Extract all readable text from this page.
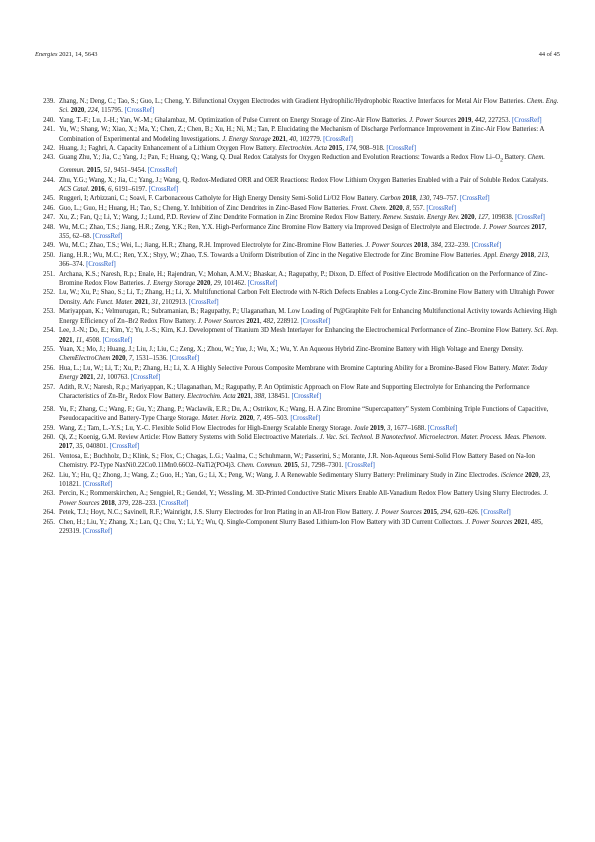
Energies 2021, 14, 5643	44 of 45
239. Zhang, N.; Deng, C.; Tao, S.; Guo, L.; Cheng, Y. Bifunctional Oxygen Electrodes with Gradient Hydrophilic/Hydrophobic Reactive Interfaces for Metal Air Flow Batteries. Chem. Eng. Sci. 2020, 224, 115795. [CrossRef]
240. Yang, T.-F.; Lu, J.-H.; Yan, W.-M.; Ghalambaz, M. Optimization of Pulse Current on Energy Storage of Zinc-Air Flow Batteries. J. Power Sources 2019, 442, 227253. [CrossRef]
241. Yu, W.; Shang, W.; Xiao, X.; Ma, Y.; Chen, Z.; Chen, B.; Xu, H.; Ni, M.; Tan, P. Elucidating the Mechanism of Discharge Performance Improvement in Zinc-Air Flow Batteries: A Combination of Experimental and Modeling Investigations. J. Energy Storage 2021, 40, 102779. [CrossRef]
242. Huang, J.; Faghri, A. Capacity Enhancement of a Lithium Oxygen Flow Battery. Electrochim. Acta 2015, 174, 908–918. [CrossRef]
243. Guang Zhu, Y.; Jia, C.; Yang, J.; Pan, F.; Huang, Q.; Wang, Q. Dual Redox Catalysts for Oxygen Reduction and Evolution Reactions: Towards a Redox Flow $Li-O_2$ Battery. Chem. Commun. 2015, 51, 9451–9454. [CrossRef]
244. Zhu, Y.G.; Wang, X.; Jia, C.; Yang, J.; Wang, Q. Redox-Mediated ORR and OER Reactions: Redox Flow Lithium Oxygen Batteries Enabled with a Pair of Soluble Redox Catalysts. ACS Catal. 2016, 6, 6191–6197. [CrossRef]
245. Ruggeri, I; Arbizzani, C.; Soavi, F. Carbonaceous Catholyte for High Energy Density Semi-Solid Li/O2 Flow Battery. Carbon 2018, 130, 749–757. [CrossRef]
246. Guo, L.; Guo, H.; Huang, H.; Tao, S.; Cheng, Y. Inhibition of Zinc Dendrites in Zinc-Based Flow Batteries. Front. Chem. 2020, 8, 557. [CrossRef]
247. Xu, Z.; Fan, Q.; Li, Y.; Wang, J.; Lund, P.D. Review of Zinc Dendrite Formation in Zinc Bromine Redox Flow Battery. Renew. Sustain. Energy Rev. 2020, 127, 109838. [CrossRef]
248. Wu, M.C.; Zhao, T.S.; Jiang, H.R.; Zeng, Y.K.; Ren, Y.X. High-Performance Zinc Bromine Flow Battery via Improved Design of Electrolyte and Electrode. J. Power Sources 2017, 355, 62–68. [CrossRef]
249. Wu, M.C.; Zhao, T.S.; Wei, L.; Jiang, H.R.; Zhang, R.H. Improved Electrolyte for Zinc-Bromine Flow Batteries. J. Power Sources 2018, 384, 232–239. [CrossRef]
250. Jiang, H.R.; Wu, M.C.; Ren, Y.X.; Shyy, W.; Zhao, T.S. Towards a Uniform Distribution of Zinc in the Negative Electrode for Zinc Bromine Flow Batteries. Appl. Energy 2018, 213, 366–374. [CrossRef]
251. Archana, K.S.; Naresh, R.p.; Enale, H.; Rajendran, V.; Mohan, A.M.V.; Bhaskar, A.; Ragupathy, P.; Dixon, D. Effect of Positive Electrode Modification on the Performance of Zinc-Bromine Redox Flow Batteries. J. Energy Storage 2020, 29, 101462. [CrossRef]
252. Lu, W.; Xu, P.; Shao, S.; Li, T.; Zhang, H.; Li, X. Multifunctional Carbon Felt Electrode with N-Rich Defects Enables a Long-Cycle Zinc-Bromine Flow Battery with Ultrahigh Power Density. Adv. Funct. Mater. 2021, 31, 2102913. [CrossRef]
253. Mariyappan, K.; Velmurugan, R.; Subramanian, B.; Ragupathy, P.; Ulaganathan, M. Low Loading of Pt@Graphite Felt for Enhancing Multifunctional Activity towards Achieving High Energy Efficiency of Zn–Br2 Redox Flow Battery. J. Power Sources 2021, 482, 228912. [CrossRef]
254. Lee, J.-N.; Do, E.; Kim, Y.; Yu, J.-S.; Kim, K.J. Development of Titanium 3D Mesh Interlayer for Enhancing the Electrochemical Performance of Zinc–Bromine Flow Battery. Sci. Rep. 2021, 11, 4508. [CrossRef]
255. Yuan, X.; Mo, J.; Huang, J.; Liu, J.; Liu, C.; Zeng, X.; Zhou, W.; Yue, J.; Wu, X.; Wu, Y. An Aqueous Hybrid Zinc-Bromine Battery with High Voltage and Energy Density. ChemElectroChem 2020, 7, 1531–1536. [CrossRef]
256. Hua, L.; Lu, W.; Li, T.; Xu, P.; Zhang, H.; Li, X. A Highly Selective Porous Composite Membrane with Bromine Capturing Ability for a Bromine-Based Flow Battery. Mater. Today Energy 2021, 21, 100763. [CrossRef]
257. Adith, R.V.; Naresh, R.p.; Mariyappan, K.; Ulaganathan, M.; Ragupathy, P. An Optimistic Approach on Flow Rate and Supporting Electrolyte for Enhancing the Performance Characteristics of $Zn-Br_2$ Redox Flow Battery. Electrochim. Acta 2021, 388, 138451. [CrossRef]
258. Yu, F.; Zhang, C.; Wang, F.; Gu, Y.; Zhang, P.; Waclawik, E.R.; Du, A.; Ostrikov, K.; Wang, H. A Zinc Bromine “Supercapattery” System Combining Triple Functions of Capacitive, Pseudocapacitive and Battery-Type Charge Storage. Mater. Horiz. 2020, 7, 495–503. [CrossRef]
259. Wang, Z.; Tam, L.-Y.S.; Lu, Y.-C. Flexible Solid Flow Electrodes for High-Energy Scalable Energy Storage. Joule 2019, 3, 1677–1688. [CrossRef]
260. Qi, Z.; Koenig, G.M. Review Article: Flow Battery Systems with Solid Electroactive Materials. J. Vac. Sci. Technol. B Nanotechnol. Microelectron. Mater. Process. Meas. Phenom. 2017, 35, 040801. [CrossRef]
261. Ventosa, E.; Buchholz, D.; Klink, S.; Flox, C.; Chagas, L.G.; Vaalma, C.; Schuhmann, W.; Passerini, S.; Morante, J.R. Non-Aqueous Semi-Solid Flow Battery Based on Na-Ion Chemistry. P2-Type NaxNi0.22Co0.11Mn0.66O2–NaTi2(PO4)3. Chem. Commun. 2015, 51, 7298–7301. [CrossRef]
262. Liu, Y.; Hu, Q.; Zhong, J.; Wang, Z.; Guo, H.; Yan, G.; Li, X.; Peng, W.; Wang, J. A Renewable Sedimentary Slurry Battery: Preliminary Study in Zinc Electrodes. iScience 2020, 23, 101821. [CrossRef]
263. Percin, K.; Rommerskirchen, A.; Sengpiel, R.; Gendel, Y.; Wessling, M. 3D-Printed Conductive Static Mixers Enable All-Vanadium Redox Flow Battery Using Slurry Electrodes. J. Power Sources 2018, 379, 228–233. [CrossRef]
264. Petek, T.J.; Hoyt, N.C.; Savinell, R.F.; Wainright, J.S. Slurry Electrodes for Iron Plating in an All-Iron Flow Battery. J. Power Sources 2015, 294, 620–626. [CrossRef]
265. Chen, H.; Liu, Y.; Zhang, X.; Lan, Q.; Chu, Y.; Li, Y.; Wu, Q. Single-Component Slurry Based Lithium-Ion Flow Battery with 3D Current Collectors. J. Power Sources 2021, 485, 229319. [CrossRef]
